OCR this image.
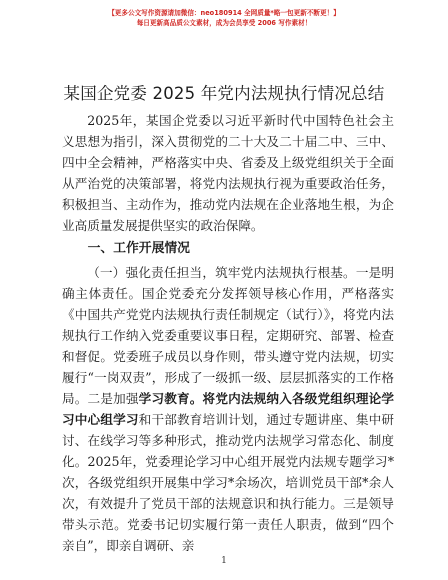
【更多公文写作资源请加微信：neo180914 全网质量*略一包更新不断更！】
每日更新高品质公文素材，成为会员享受 2006 写作素材！
某国企党委 2025 年党内法规执行情况总结

2025年，某国企党委以习近平新时代中国特色社会主义思想为指引，深入贯彻党的二十大及二十届二中、三中、四中全会精神，严格落实中央、省委及上级党组织关于全面从严治党的决策部署，将党内法规执行视为重要政治任务，积极担当、主动作为，推动党内法规在企业落地生根，为企业高质量发展提供坚实的政治保障。

一、工作开展情况

（一）强化责任担当，筑牢党内法规执行根基。一是明确主体责任。国企党委充分发挥领导核心作用，严格落实《中国共产党党内法规执行责任制规定（试行）》，将党内法规执行工作纳入党委重要议事日程，定期研究、部署、检查和督促。党委班子成员以身作则，带头遵守党内法规，切实履行“一岗双责”，形成了一级抓一级、层层抓落实的工作格局。二是加强学习教育。将党内法规纳入各级党组织理论学习中心组学习和干部教育培训计划，通过专题讲座、集中研讨、在线学习等多种形式，推动党内法规学习常态化、制度化。2025年，党委理论学习中心组开展党内法规专题学习*次，各级党组织开展集中学习*余场次，培训党员干部*余人次，有效提升了党员干部的法规意识和执行能力。三是领导带头示范。党委书记切实履行第一责任人职责，做到“四个亲自”，即亲自调研、亲

1
